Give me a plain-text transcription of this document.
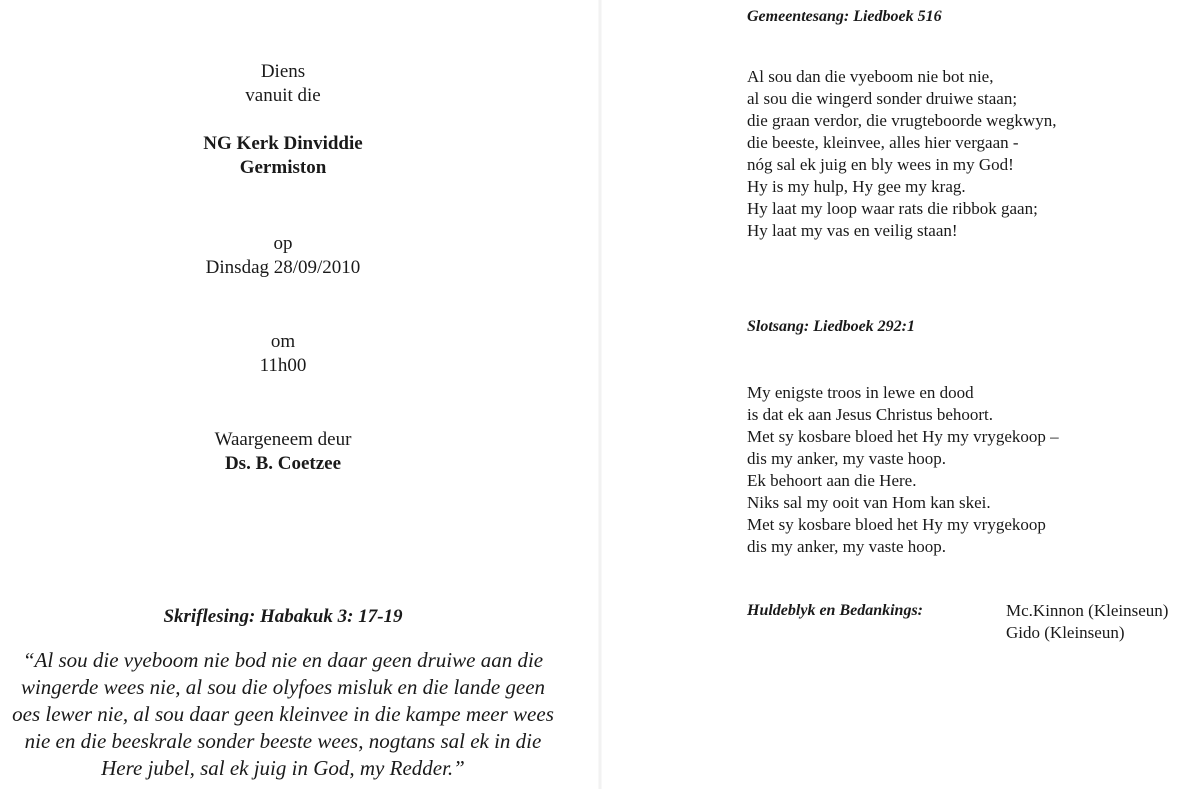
Diens
vanuit die
NG Kerk Dinviddie
Germiston
op
Dinsdag 28/09/2010
om
11h00
Waargeneem deur
Ds. B. Coetzee
Skriflesing: Habakuk 3: 17-19
“Al sou die vyeboom nie bod nie en daar geen druiwe aan die
wingerde wees nie, al sou die olyfoes misluk en die lande geen
oes lewer nie, al sou daar geen kleinvee in die kampe meer wees
nie en die beeskrale sonder beeste wees, nogtans sal ek in die
Here jubel, sal ek juig in God, my Redder.”
Gemeentesang: Liedboek 516
Al sou dan die vyeboom nie bot nie,
al sou die wingerd sonder druiwe staan;
die graan verdor, die vrugteboorde wegkwyn,
die beeste, kleinvee, alles hier vergaan -
nóg sal ek juig en bly wees in my God!
Hy is my hulp, Hy gee my krag.
Hy laat my loop waar rats die ribbok gaan;
Hy laat my vas en veilig staan!
Slotsang: Liedboek 292:1
My enigste troos in lewe en dood
is dat ek aan Jesus Christus behoort.
Met sy kosbare bloed het Hy my vrygekoop –
dis my anker, my vaste hoop.
Ek behoort aan die Here.
Niks sal my ooit van Hom kan skei.
Met sy kosbare bloed het Hy my vrygekoop
dis my anker, my vaste hoop.
Huldeblyk en Bedankings:	Mc.Kinnon (Kleinseun)
Gido (Kleinseun)
